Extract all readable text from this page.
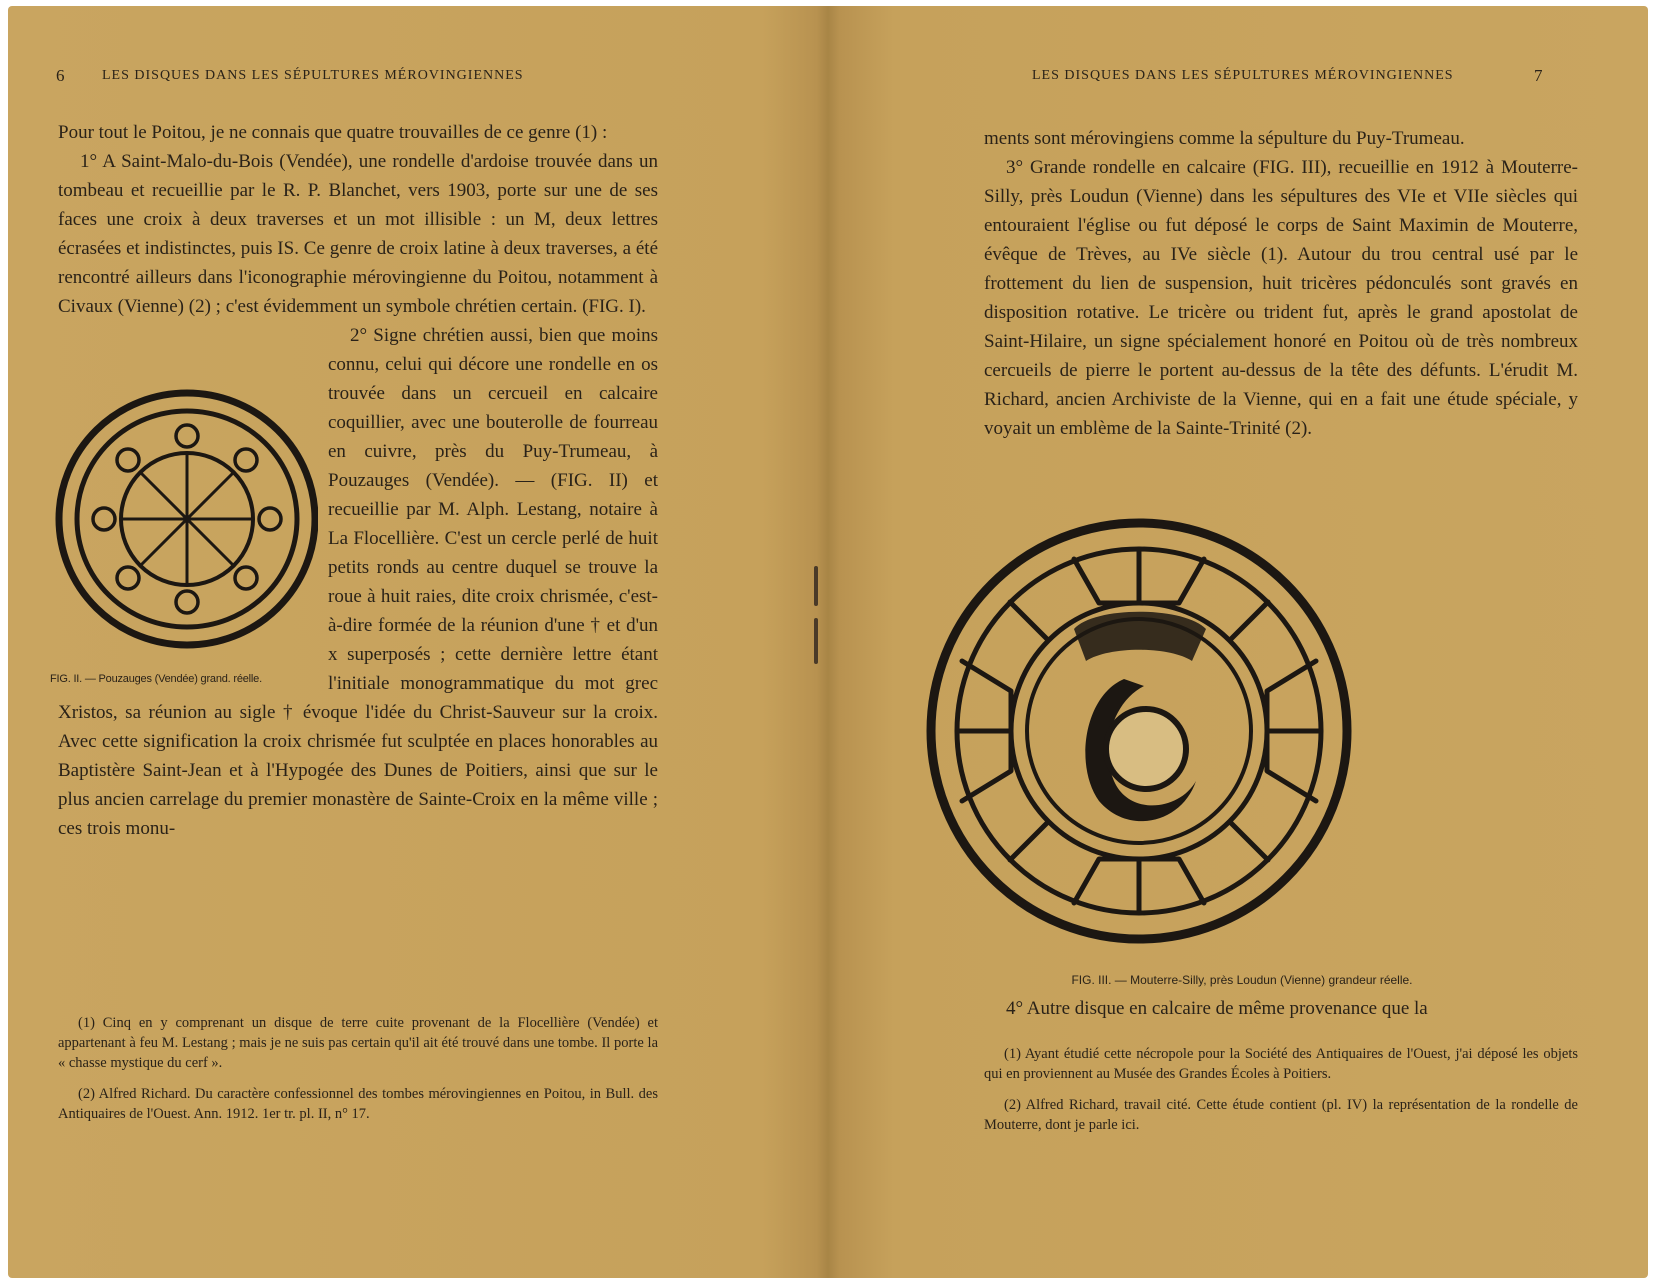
6	LES DISQUES DANS LES SÉPULTURES MÉROVINGIENNES

Pour tout le Poitou, je ne connais que quatre trouvailles de ce genre (1) :

1° A Saint-Malo-du-Bois (Vendée), une rondelle d'ardoise trouvée dans un tombeau et recueillie par le R. P. Blanchet, vers 1903, porte sur une de ses faces une croix à deux traverses et un mot illisible : un M, deux lettres écrasées et indistinctes, puis IS. Ce genre de croix latine à deux traverses, a été rencontré ailleurs dans l'iconographie mérovingienne du Poitou, notamment à Civaux (Vienne) (2) ; c'est évidemment un symbole chrétien certain. (FIG. I).

FIG. II. — Pouzauges (Vendée) grand. réelle.

2° Signe chrétien aussi, bien que moins connu, celui qui décore une rondelle en os trouvée dans un cercueil en calcaire coquillier, avec une bouterolle de fourreau en cuivre, près du Puy-Trumeau, à Pouzauges (Vendée). — (FIG. II) et recueillie par M. Alph. Lestang, notaire à La Flocellière. C'est un cercle perlé de huit petits ronds au centre duquel se trouve la roue à huit raies, dite croix chrismée, c'est-à-dire formée de la réunion d'une † et d'un x superposés ; cette dernière lettre étant l'initiale monogrammatique du mot grec Xristos, sa réunion au sigle † évoque l'idée du Christ-Sauveur sur la croix. Avec cette signification la croix chrismée fut sculptée en places honorables au Baptistère Saint-Jean et à l'Hypogée des Dunes de Poitiers, ainsi que sur le plus ancien carrelage du premier monastère de Sainte-Croix en la même ville ; ces trois monu-

(1) Cinq en y comprenant un disque de terre cuite provenant de la Flocellière (Vendée) et appartenant à feu M. Lestang ; mais je ne suis pas certain qu'il ait été trouvé dans une tombe. Il porte la « chasse mystique du cerf ».

(2) Alfred Richard. Du caractère confessionnel des tombes mérovingiennes en Poitou, in Bull. des Antiquaires de l'Ouest. Ann. 1912. 1er tr. pl. II, n° 17.

LES DISQUES DANS LES SÉPULTURES MÉROVINGIENNES	7

ments sont mérovingiens comme la sépulture du Puy-Trumeau.

3° Grande rondelle en calcaire (FIG. III), recueillie en 1912 à Mouterre-Silly, près Loudun (Vienne) dans les sépultures des VIe et VIIe siècles qui entouraient l'église ou fut déposé le corps de Saint Maximin de Mouterre, évêque de Trèves, au IVe siècle (1). Autour du trou central usé par le frottement du lien de suspension, huit tricères pédonculés sont gravés en disposition rotative. Le tricère ou trident fut, après le grand apostolat de Saint-Hilaire, un signe spécialement honoré en Poitou où de très nombreux cercueils de pierre le portent au-dessus de la tête des défunts. L'érudit M. Richard, ancien Archiviste de la Vienne, qui en a fait une étude spéciale, y voyait un emblème de la Sainte-Trinité (2).

FIG. III. — Mouterre-Silly, près Loudun (Vienne) grandeur réelle.

4° Autre disque en calcaire de même provenance que la

(1) Ayant étudié cette nécropole pour la Société des Antiquaires de l'Ouest, j'ai déposé les objets qui en proviennent au Musée des Grandes Écoles à Poitiers.

(2) Alfred Richard, travail cité. Cette étude contient (pl. IV) la représentation de la rondelle de Mouterre, dont je parle ici.
